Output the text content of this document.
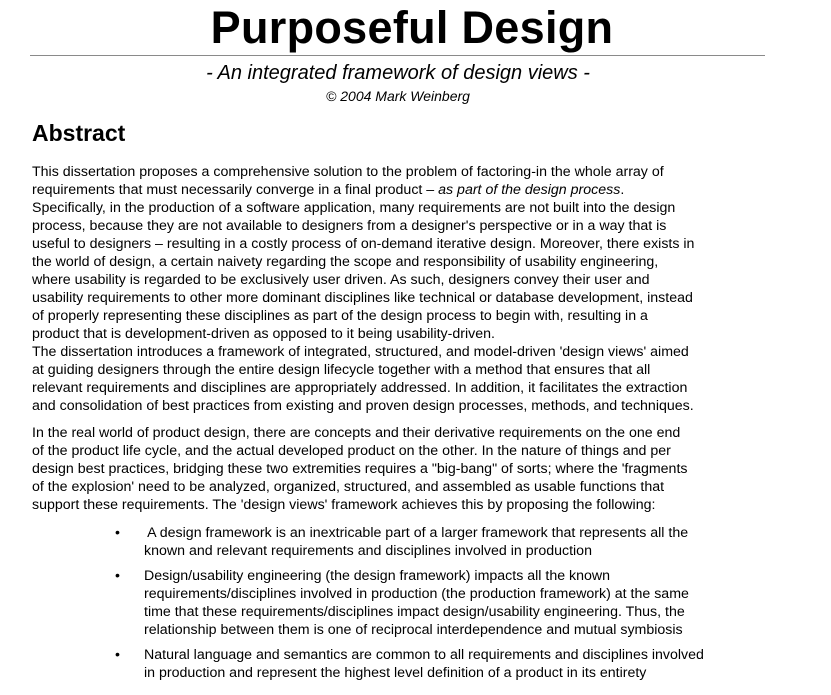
Purposeful Design
- An integrated framework of design views -
© 2004 Mark Weinberg
Abstract

This dissertation proposes a comprehensive solution to the problem of factoring-in the whole array of
requirements that must necessarily converge in a final product – as part of the design process.
Specifically, in the production of a software application, many requirements are not built into the design
process, because they are not available to designers from a designer's perspective or in a way that is
useful to designers – resulting in a costly process of on-demand iterative design. Moreover, there exists in
the world of design, a certain naivety regarding the scope and responsibility of usability engineering,
where usability is regarded to be exclusively user driven. As such, designers convey their user and
usability requirements to other more dominant disciplines like technical or database development, instead
of properly representing these disciplines as part of the design process to begin with, resulting in a
product that is development-driven as opposed to it being usability-driven.

The dissertation introduces a framework of integrated, structured, and model-driven 'design views' aimed
at guiding designers through the entire design lifecycle together with a method that ensures that all
relevant requirements and disciplines are appropriately addressed. In addition, it facilitates the extraction
and consolidation of best practices from existing and proven design processes, methods, and techniques.

In the real world of product design, there are concepts and their derivative requirements on the one end
of the product life cycle, and the actual developed product on the other. In the nature of things and per
design best practices, bridging these two extremities requires a "big-bang" of sorts; where the 'fragments
of the explosion' need to be analyzed, organized, structured, and assembled as usable functions that
support these requirements. The 'design views' framework achieves this by proposing the following:

• A design framework is an inextricable part of a larger framework that represents all the
known and relevant requirements and disciplines involved in production
• Design/usability engineering (the design framework) impacts all the known
requirements/disciplines involved in production (the production framework) at the same
time that these requirements/disciplines impact design/usability engineering. Thus, the
relationship between them is one of reciprocal interdependence and mutual symbiosis
• Natural language and semantics are common to all requirements and disciplines involved
in production and represent the highest level definition of a product in its entirety
